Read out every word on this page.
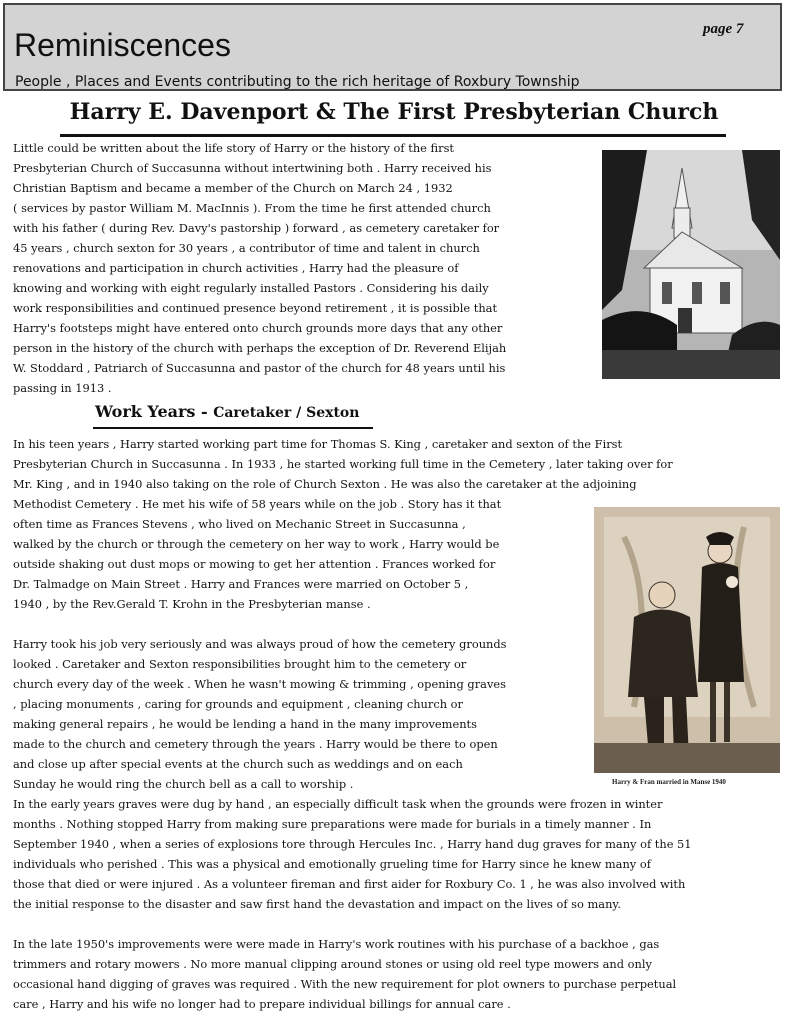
Reminiscences	page 7
People , Places and Events contributing to the rich heritage of Roxbury Township
Harry E. Davenport & The First Presbyterian Church
Little could be written about the life story of Harry or the history of the first
Presbyterian Church of Succasunna without intertwining both . Harry received his
Christian Baptism and became a member of the Church on March 24 , 1932
( services by pastor William M. MacInnis ). From the time he first attended church
with his father ( during Rev. Davy's pastorship ) forward , as cemetery caretaker for
45 years , church sexton for 30 years , a contributor of time and talent in church
renovations and participation in church activities , Harry had the pleasure of
knowing and working with eight regularly installed Pastors . Considering his daily
work responsibilities and continued presence beyond retirement , it is possible that
Harry's footsteps might have entered onto church grounds more days that any other
person in the history of the church with perhaps the exception of Dr. Reverend Elijah
W. Stoddard , Patriarch of Succasunna and pastor of the church for 48 years until his
passing in 1913 .
Work Years - Caretaker / Sexton
In his teen years , Harry started working part time for Thomas S. King , caretaker and sexton of the First
Presbyterian Church in Succasunna . In 1933 , he started working full time in the Cemetery , later taking over for
Mr. King , and in 1940 also taking on the role of Church Sexton . He was also the caretaker at the adjoining
Methodist Cemetery . He met his wife of 58 years while on the job . Story has it that
often time as Frances Stevens , who lived on Mechanic Street in Succasunna ,
walked by the church or through the cemetery on her way to work , Harry would be
outside shaking out dust mops or mowing to get her attention . Frances worked for
Dr. Talmadge on Main Street . Harry and Frances were married on October 5 ,
1940 , by the Rev.Gerald T. Krohn in the Presbyterian manse .
Harry took his job very seriously and was always proud of how the cemetery grounds
looked . Caretaker and Sexton responsibilities brought him to the cemetery or
church every day of the week . When he wasn't mowing & trimming , opening graves
, placing monuments , caring for grounds and equipment , cleaning church or
making general repairs , he would be lending a hand in the many improvements
made to the church and cemetery through the years . Harry would be there to open
and close up after special events at the church such as weddings and on each
Sunday he would ring the church bell as a call to worship .
In the early years graves were dug by hand , an especially difficult task when the grounds were frozen in winter
months . Nothing stopped Harry from making sure preparations were made for burials in a timely manner . In
September 1940 , when a series of explosions tore through Hercules Inc. , Harry hand dug graves for many of the 51
individuals who perished . This was a physical and emotionally grueling time for Harry since he knew many of
those that died or were injured . As a volunteer fireman and first aider for Roxbury Co. 1 , he was also involved with
the initial response to the disaster and saw first hand the devastation and impact on the lives of so many.
In the late 1950's improvements were were made in Harry's work routines with his purchase of a backhoe , gas
trimmers and rotary mowers . No more manual clipping around stones or using old reel type mowers and only
occasional hand digging of graves was required . With the new requirement for plot owners to purchase perpetual
care , Harry and his wife no longer had to prepare individual billings for annual care .
Harry & Fran married in Manse 1940
